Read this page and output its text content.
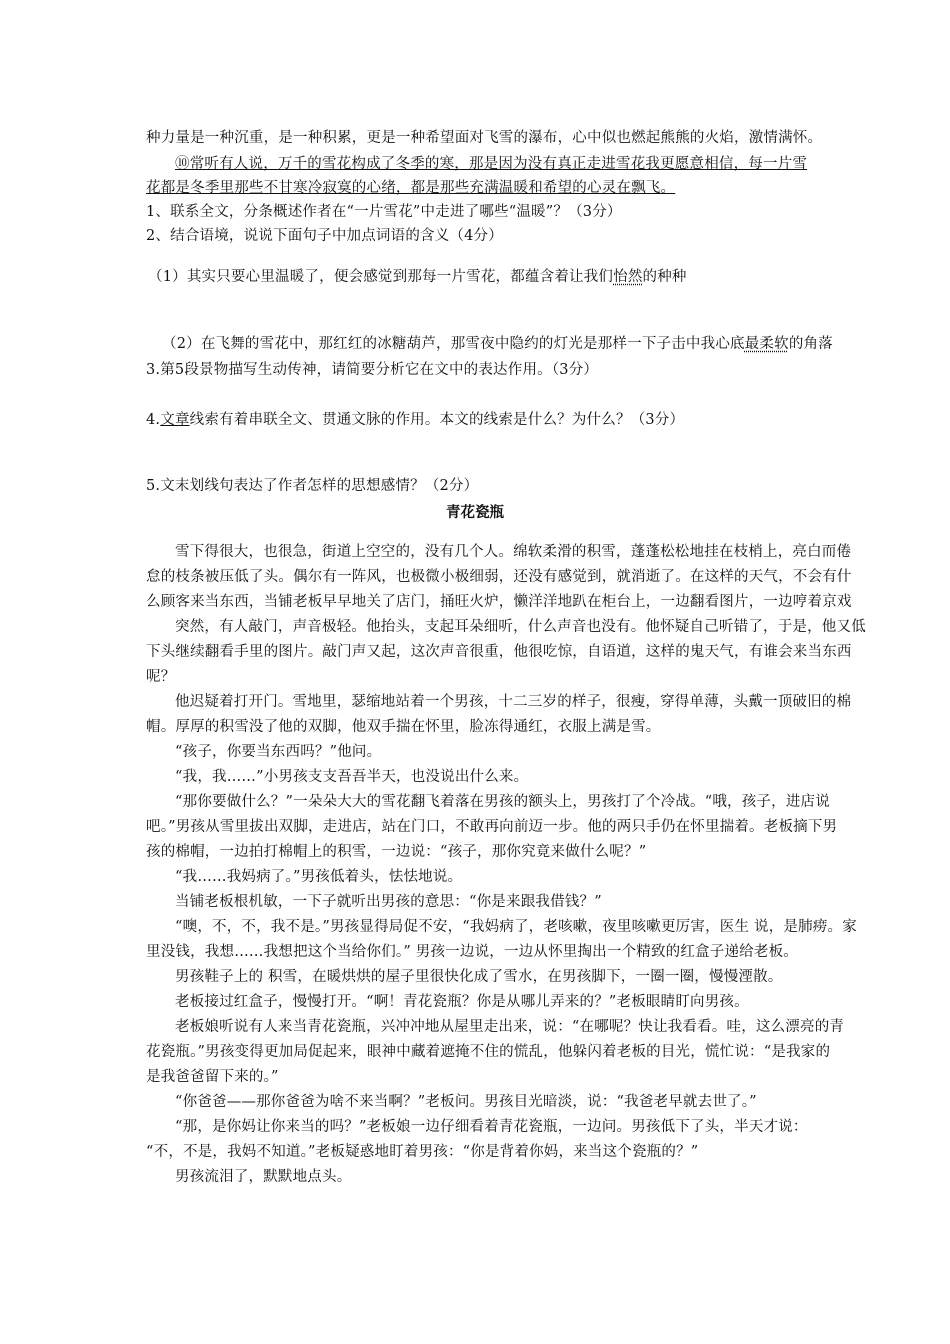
种力量是一种沉重，是一种积累，更是一种希望面对飞雪的瀑布，心中似也燃起熊熊的火焰，激情满怀。
⑩常听有人说，万千的雪花构成了冬季的寒，那是因为没有真正走进雪花我更愿意相信，每一片雪
花都是冬季里那些不甘寒冷寂寞的心绪，都是那些充满温暖和希望的心灵在飘飞。
1、联系全文，分条概述作者在“一片雪花”中走进了哪些“温暖”？（3分）
2、结合语境，说说下面句子中加点词语的含义（4分）
（1）其实只要心里温暖了，便会感觉到那每一片雪花，都蕴含着让我们怡然的种种
（2）在飞舞的雪花中，那红红的冰糖葫芦，那雪夜中隐约的灯光是那样一下子击中我心底最柔软的角落
3.第5段景物描写生动传神，请简要分析它在文中的表达作用。（3分）
4.文章线索有着串联全文、贯通文脉的作用。本文的线索是什么？为什么？（3分）
5.文末划线句表达了作者怎样的思想感情？（2分）
青花瓷瓶
雪下得很大，也很急，街道上空空的，没有几个人。绵软柔滑的积雪，蓬蓬松松地挂在枝梢上，亮白而倦
怠的枝条被压低了头。偶尔有一阵风，也极微小极细弱，还没有感觉到，就消逝了。在这样的天气，不会有什
么顾客来当东西，当铺老板早早地关了店门，捅旺火炉，懒洋洋地趴在柜台上，一边翻看图片，一边哼着京戏
突然，有人敲门，声音极轻。他抬头，支起耳朵细听，什么声音也没有。他怀疑自己听错了，于是，他又低
下头继续翻看手里的图片。敲门声又起，这次声音很重，他很吃惊，自语道，这样的鬼天气，有谁会来当东西
呢？
他迟疑着打开门。雪地里，瑟缩地站着一个男孩，十二三岁的样子，很瘦，穿得单薄，头戴一顶破旧的棉
帽。厚厚的积雪没了他的双脚，他双手揣在怀里，脸冻得通红，衣服上满是雪。
“孩子，你要当东西吗？”他问。
“我，我……”小男孩支支吾吾半天，也没说出什么来。
“那你要做什么？”一朵朵大大的雪花翻飞着落在男孩的额头上，男孩打了个冷战。“哦，孩子，进店说
吧。”男孩从雪里拔出双脚，走进店，站在门口，不敢再向前迈一步。他的两只手仍在怀里揣着。老板摘下男
孩的棉帽，一边拍打棉帽上的积雪，一边说：“孩子，那你究竟来做什么呢？”
“我……我妈病了。”男孩低着头，怯怯地说。
当铺老板根机敏，一下子就听出男孩的意思：“你是来跟我借钱？”
“噢，不，不，我不是。”男孩显得局促不安，“我妈病了，老咳嗽，夜里咳嗽更厉害，医生 说，是肺痨。家
里没钱，我想……我想把这个当给你们。” 男孩一边说，一边从怀里掏出一个精致的红盒子递给老板。
男孩鞋子上的 积雪，在暖烘烘的屋子里很快化成了雪水，在男孩脚下，一圈一圈，慢慢湮散。
老板接过红盒子，慢慢打开。“啊！青花瓷瓶？你是从哪儿弄来的？”老板眼睛盯向男孩。
老板娘听说有人来当青花瓷瓶，兴冲冲地从屋里走出来，说：“在哪呢？快让我看看。哇，这么漂亮的青
花瓷瓶。”男孩变得更加局促起来，眼神中藏着遮掩不住的慌乱，他躲闪着老板的目光，慌忙说：“是我家的
是我爸爸留下来的。”
“你爸爸——那你爸爸为啥不来当啊？”老板问。男孩目光暗淡，说：“我爸老早就去世了。”
“那，是你妈让你来当的吗？”老板娘一边仔细看着青花瓷瓶，一边问。男孩低下了头，半天才说：
“不，不是，我妈不知道。”老板疑惑地盯着男孩：“你是背着你妈，来当这个瓷瓶的？”
男孩流泪了，默默地点头。
